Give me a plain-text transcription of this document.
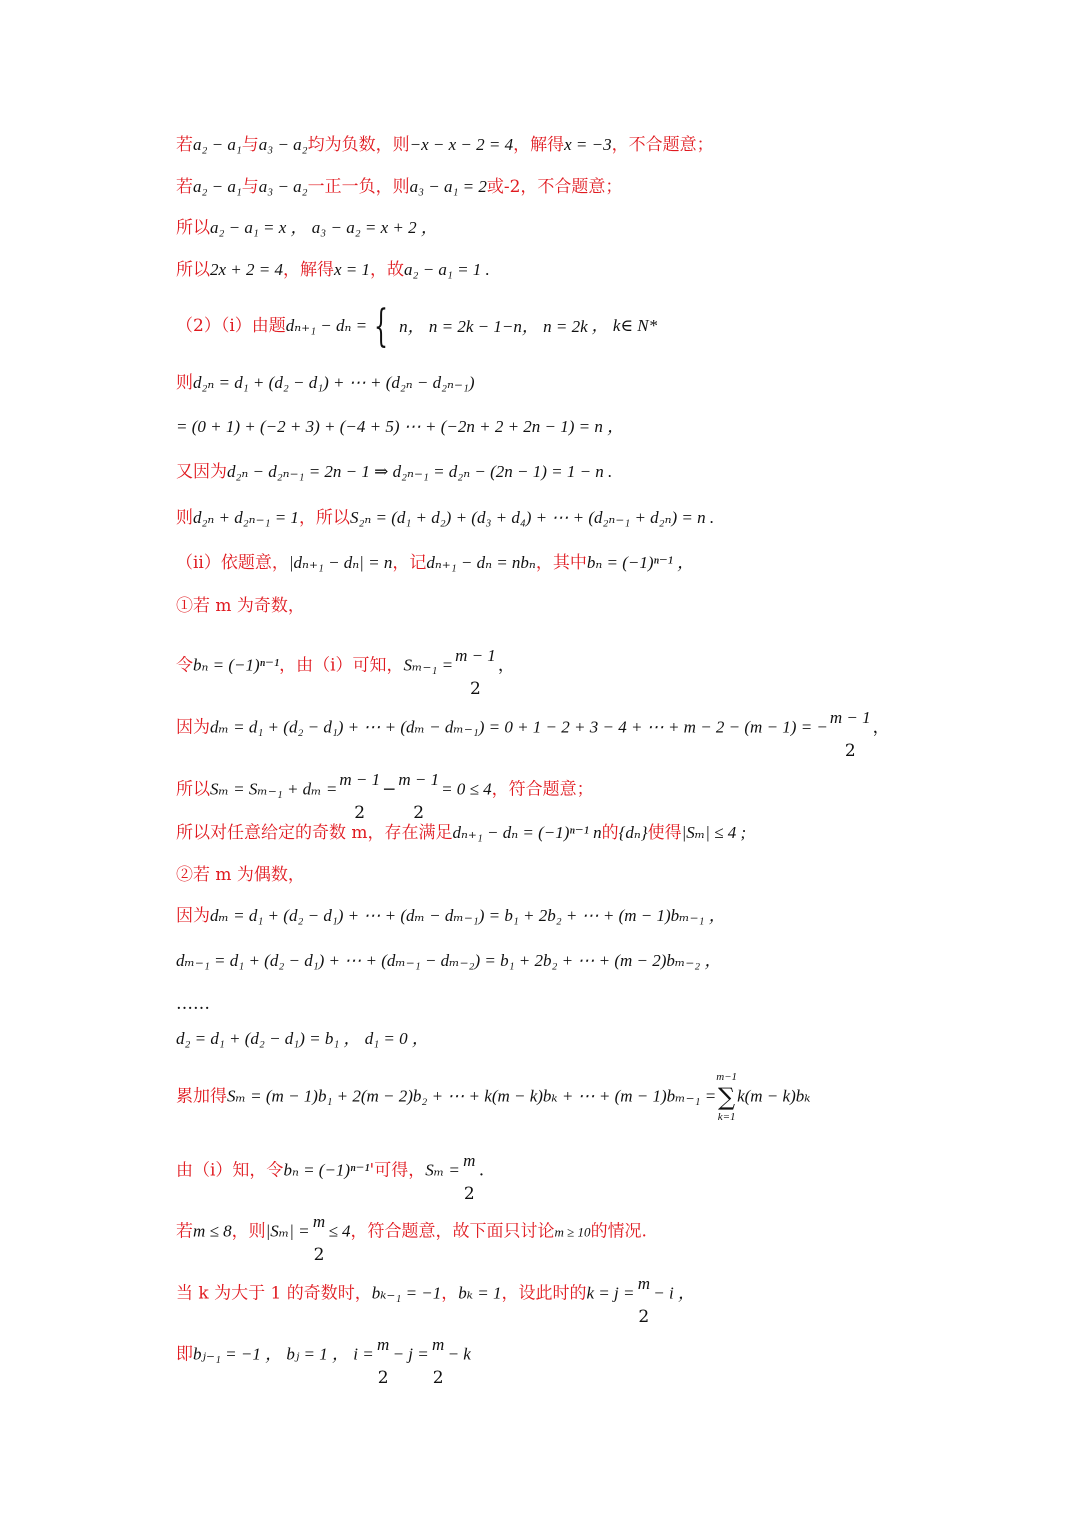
若a₂ − a₁与a₃ − a₂均为负数，则−x − x − 2 = 4，解得x = −3，不合题意；
若a₂ − a₁与a₃ − a₂一正一负，则a₃ − a₁ = 2或-2，不合题意；
所以a₂ − a₁ = x ， a₃ − a₂ = x + 2 ，
所以2x + 2 = 4，解得x = 1，故a₂ − a₁ = 1 .
（2）（i）由题dₙ₊₁ − dₙ = { n， n = 2k − 1−n， n = 2k ， k∈ N*
则d₂ₙ = d₁ + (d₂ − d₁) + ⋯ + (d₂ₙ − d₂ₙ₋₁)
= (0 + 1) + (−2 + 3) + (−4 + 5) ⋯ + (−2n + 2 + 2n − 1) = n ，
又因为d₂ₙ − d₂ₙ₋₁ = 2n − 1 ⇒ d₂ₙ₋₁ = d₂ₙ − (2n − 1) = 1 − n .
则d₂ₙ + d₂ₙ₋₁ = 1，所以S₂ₙ = (d₁ + d₂) + (d₃ + d₄) + ⋯ + (d₂ₙ₋₁ + d₂ₙ) = n .
（ii）依题意，|dₙ₊₁ − dₙ| = n，记dₙ₊₁ − dₙ = nbₙ，其中bₙ = (−1)ⁿ⁻¹ ，
①若 m 为奇数，
令bₙ = (−1)ⁿ⁻¹，由（i）可知，Sₘ₋₁ = m − 1
2
，
因为dₘ = d₁ + (d₂ − d₁) + ⋯ + (dₘ − dₘ₋₁) = 0 + 1 − 2 + 3 − 4 + ⋯ + m − 2 − (m − 1) = − m − 1
2
，
所以Sₘ = Sₘ₋₁ + dₘ = m − 1
2
− m − 1
2
= 0 ≤ 4，符合题意；
所以对任意给定的奇数 m，存在满足dₙ₊₁ − dₙ = (−1)ⁿ⁻¹ n的{dₙ}使得|Sₘ| ≤ 4 ;
②若 m 为偶数，
因为dₘ = d₁ + (d₂ − d₁) + ⋯ + (dₘ − dₘ₋₁) = b₁ + 2b₂ + ⋯ + (m − 1)bₘ₋₁ ，
dₘ₋₁ = d₁ + (d₂ − d₁) + ⋯ + (dₘ₋₁ − dₘ₋₂) = b₁ + 2b₂ + ⋯ + (m − 2)bₘ₋₂ ，
……
d₂ = d₁ + (d₂ − d₁) = b₁ ， d₁ = 0 ，
累加得Sₘ = (m − 1)b₁ + 2(m − 2)b₂ + ⋯ + k(m − k)bₖ + ⋯ + (m − 1)bₘ₋₁ =
m−1
∑
k=1
k(m − k)bₖ
由（i）知，令bₙ = (−1)ⁿ⁻¹'可得，Sₘ = m
2
.
若m ≤ 8，则|Sₘ| = m
2
≤ 4，符合题意，故下面只讨论m ≥ 10的情况.
当 k 为大于 1 的奇数时，bₖ₋₁ = −1，bₖ = 1，设此时的k = j = m
2
− i ，
即bⱼ₋₁ = −1 ， bⱼ = 1 ， i = m
2
− j = m
2
− k
